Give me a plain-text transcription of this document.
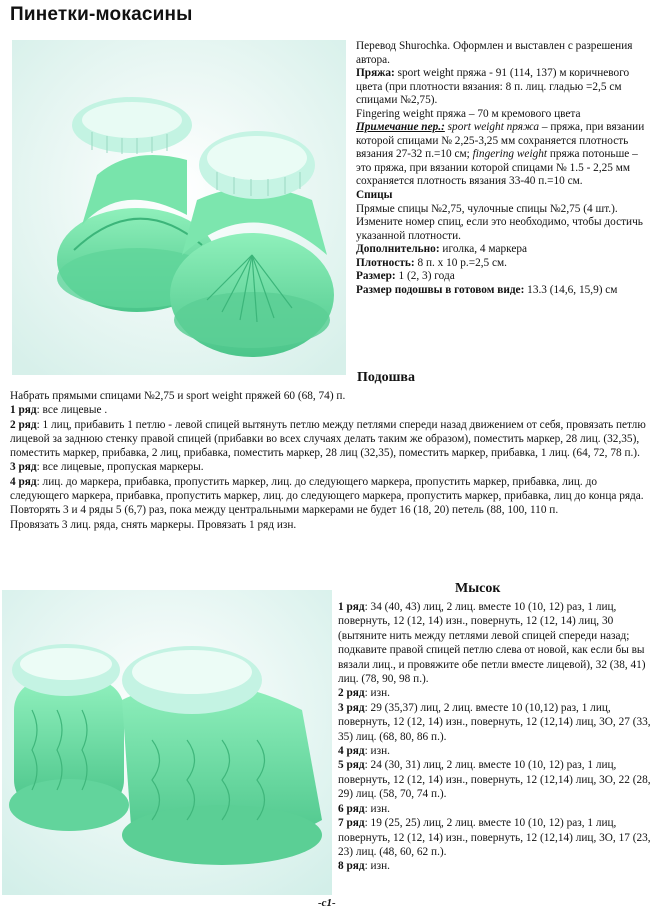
Пинетки-мокасины

Перевод Shurochka. Оформлен и выставлен с разрешения автора.

Пряжа: sport weight пряжа - 91 (114, 137) м коричневого цвета (при плотности вязания: 8 п. лиц. гладью =2,5 см спицами №2,75).

Fingering weight пряжа – 70 м кремового цвета

Примечание пер.: sport weight пряжа – пряжа, при вязании которой спицами № 2,25-3,25 мм сохраняется плотность вязания 27-32 п.=10 см; fingering weight пряжа потоньше – это пряжа, при вязании которой спицами № 1.5 - 2,25 мм сохраняется плотность вязания 33-40 п.=10 см.

Спицы

Прямые спицы №2,75, чулочные спицы №2,75 (4 шт.). Измените номер спиц, если это необходимо, чтобы достичь указанной плотности.

Дополнительно: иголка, 4 маркера

Плотность: 8 п. х 10 р.=2,5 см.

Размер: 1 (2, 3) года

Размер подошвы в готовом виде: 13.3 (14,6, 15,9) см

Подошва

Набрать прямыми спицами №2,75 и sport weight пряжей 60 (68, 74) п.

1 ряд: все лицевые .

2 ряд: 1 лиц, прибавить 1 петлю - левой спицей вытянуть петлю между петлями спереди назад движением от себя, провязать петлю лицевой за заднюю стенку правой спицей (прибавки во всех случаях делать таким же образом), поместить маркер, 28 лиц. (32,35), поместить маркер, прибавка, 2 лиц, прибавка, поместить маркер, 28 лиц (32,35), поместить маркер, прибавка, 1 лиц. (64, 72, 78 п.).

3 ряд: все лицевые, пропуская маркеры.

4 ряд: лиц. до маркера, прибавка, пропустить маркер, лиц. до следующего маркера, пропустить маркер, прибавка, лиц. до следующего маркера, прибавка, пропустить маркер, лиц. до следующего маркера, пропустить маркер, прибавка, лиц до конца ряда.

Повторять 3 и 4 ряды 5 (6,7) раз, пока между центральными маркерами не будет 16 (18, 20) петель (88, 100, 110 п.

Провязать 3 лиц. ряда, снять маркеры. Провязать 1 ряд изн.

Мысок

1 ряд: 34 (40, 43) лиц, 2 лиц. вместе 10 (10, 12) раз, 1 лиц, повернуть, 12 (12, 14) изн., повернуть, 12 (12, 14) лиц, 30 (вытяните нить между петлями левой спицей спереди назад; подкавите правой спицей петлю слева от новой, как если бы вы вязали лиц., и провяжите обе петли вместе лицевой), 32 (38, 41) лиц. (78, 90, 98 п.).

2 ряд: изн.

3 ряд: 29 (35,37) лиц, 2 лиц. вместе 10 (10,12) раз, 1 лиц, повернуть, 12 (12, 14) изн., повернуть, 12 (12,14) лиц, 3О, 27 (33, 35) лиц. (68, 80, 86 п.).

4 ряд: изн.

5 ряд: 24 (30, 31) лиц, 2 лиц. вместе 10 (10, 12) раз, 1 лиц, повернуть, 12 (12, 14) изн., повернуть, 12 (12,14) лиц, 3О, 22 (28, 29) лиц. (58, 70, 74 п.).

6 ряд: изн.

7 ряд: 19 (25, 25) лиц, 2 лиц. вместе 10 (10, 12) раз, 1 лиц, повернуть, 12 (12, 14) изн., повернуть, 12 (12,14) лиц, 3О, 17 (23, 23) лиц. (48, 60, 62 п.).

8 ряд: изн.

-c1-
